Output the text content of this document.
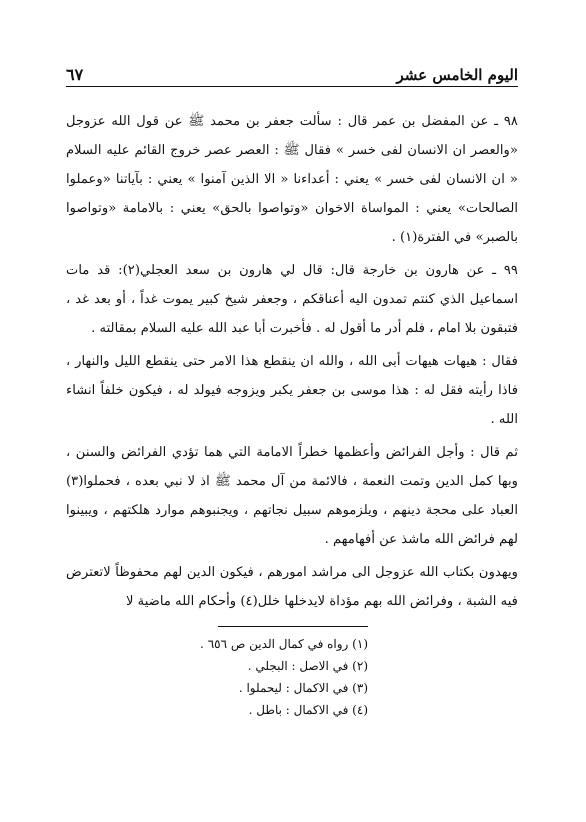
اليوم الخامس عشر
٦٧

٩٨ ـ عن المفضل بن عمر قال : سألت جعفر بن محمد ﷺ عن قول الله عزوجل «والعصر ان الانسان لفى خسر » فقال ﷺ : العصر عصر خروج القائم عليه السلام « ان الانسان لفى خسر » يعني : أعداءنا « الا الذين آمنوا » يعني : بآياتنا «وعملوا الصالحات» يعني : المواساة الاخوان «وتواصوا بالحق» يعني : بالامامة «وتواصوا بالصبر» في الفترة(١) .

٩٩ ـ عن هارون بن خارجة قال: قال لي هارون بن سعد العجلي(٢): قد مات اسماعيل الذي كنتم تمدون اليه أعناقكم ، وجعفر شيخ كبير يموت غداً ، أو بعد غد ، فتبقون بلا امام ، فلم أدر ما أقول له . فأخبرت أبا عبد الله عليه السلام بمقالته .

فقال : هيهات هيهات أبى الله ، والله ان ينقطع هذا الامر حتى ينقطع الليل والنهار ، فاذا رأيته فقل له : هذا موسى بن جعفر يكبر ويزوجه فيولد له ، فيكون خلفاً انشاء الله .

ثم قال : وأجل الفرائض وأعظمها خطراً الامامة التي هما تؤدي الفرائض والسنن ، وبها كمل الدين وتمت النعمة ، فالائمة من آل محمد ﷺ اذ لا نبي بعده ، فحملوا(٣) العباد على محجة دينهم ، ويلزموهم سبيل نجاتهم ، ويجنبوهم موارد هلكتهم ، ويبينوا لهم فرائض الله ماشذ عن أفهامهم .

ويهدون بكتاب الله عزوجل الى مراشد امورهم ، فيكون الدين لهم محفوظاً لاتعترض فيه الشبة ، وفرائض الله بهم مؤداة لايدخلها خلل(٤) وأحكام الله ماضية لا

(١) رواه في كمال الدين ص ٦٥٦ .

(٢) في الاصل : البجلي .

(٣) في الاكمال : ليحملوا .

(٤) في الاكمال : باطل .
